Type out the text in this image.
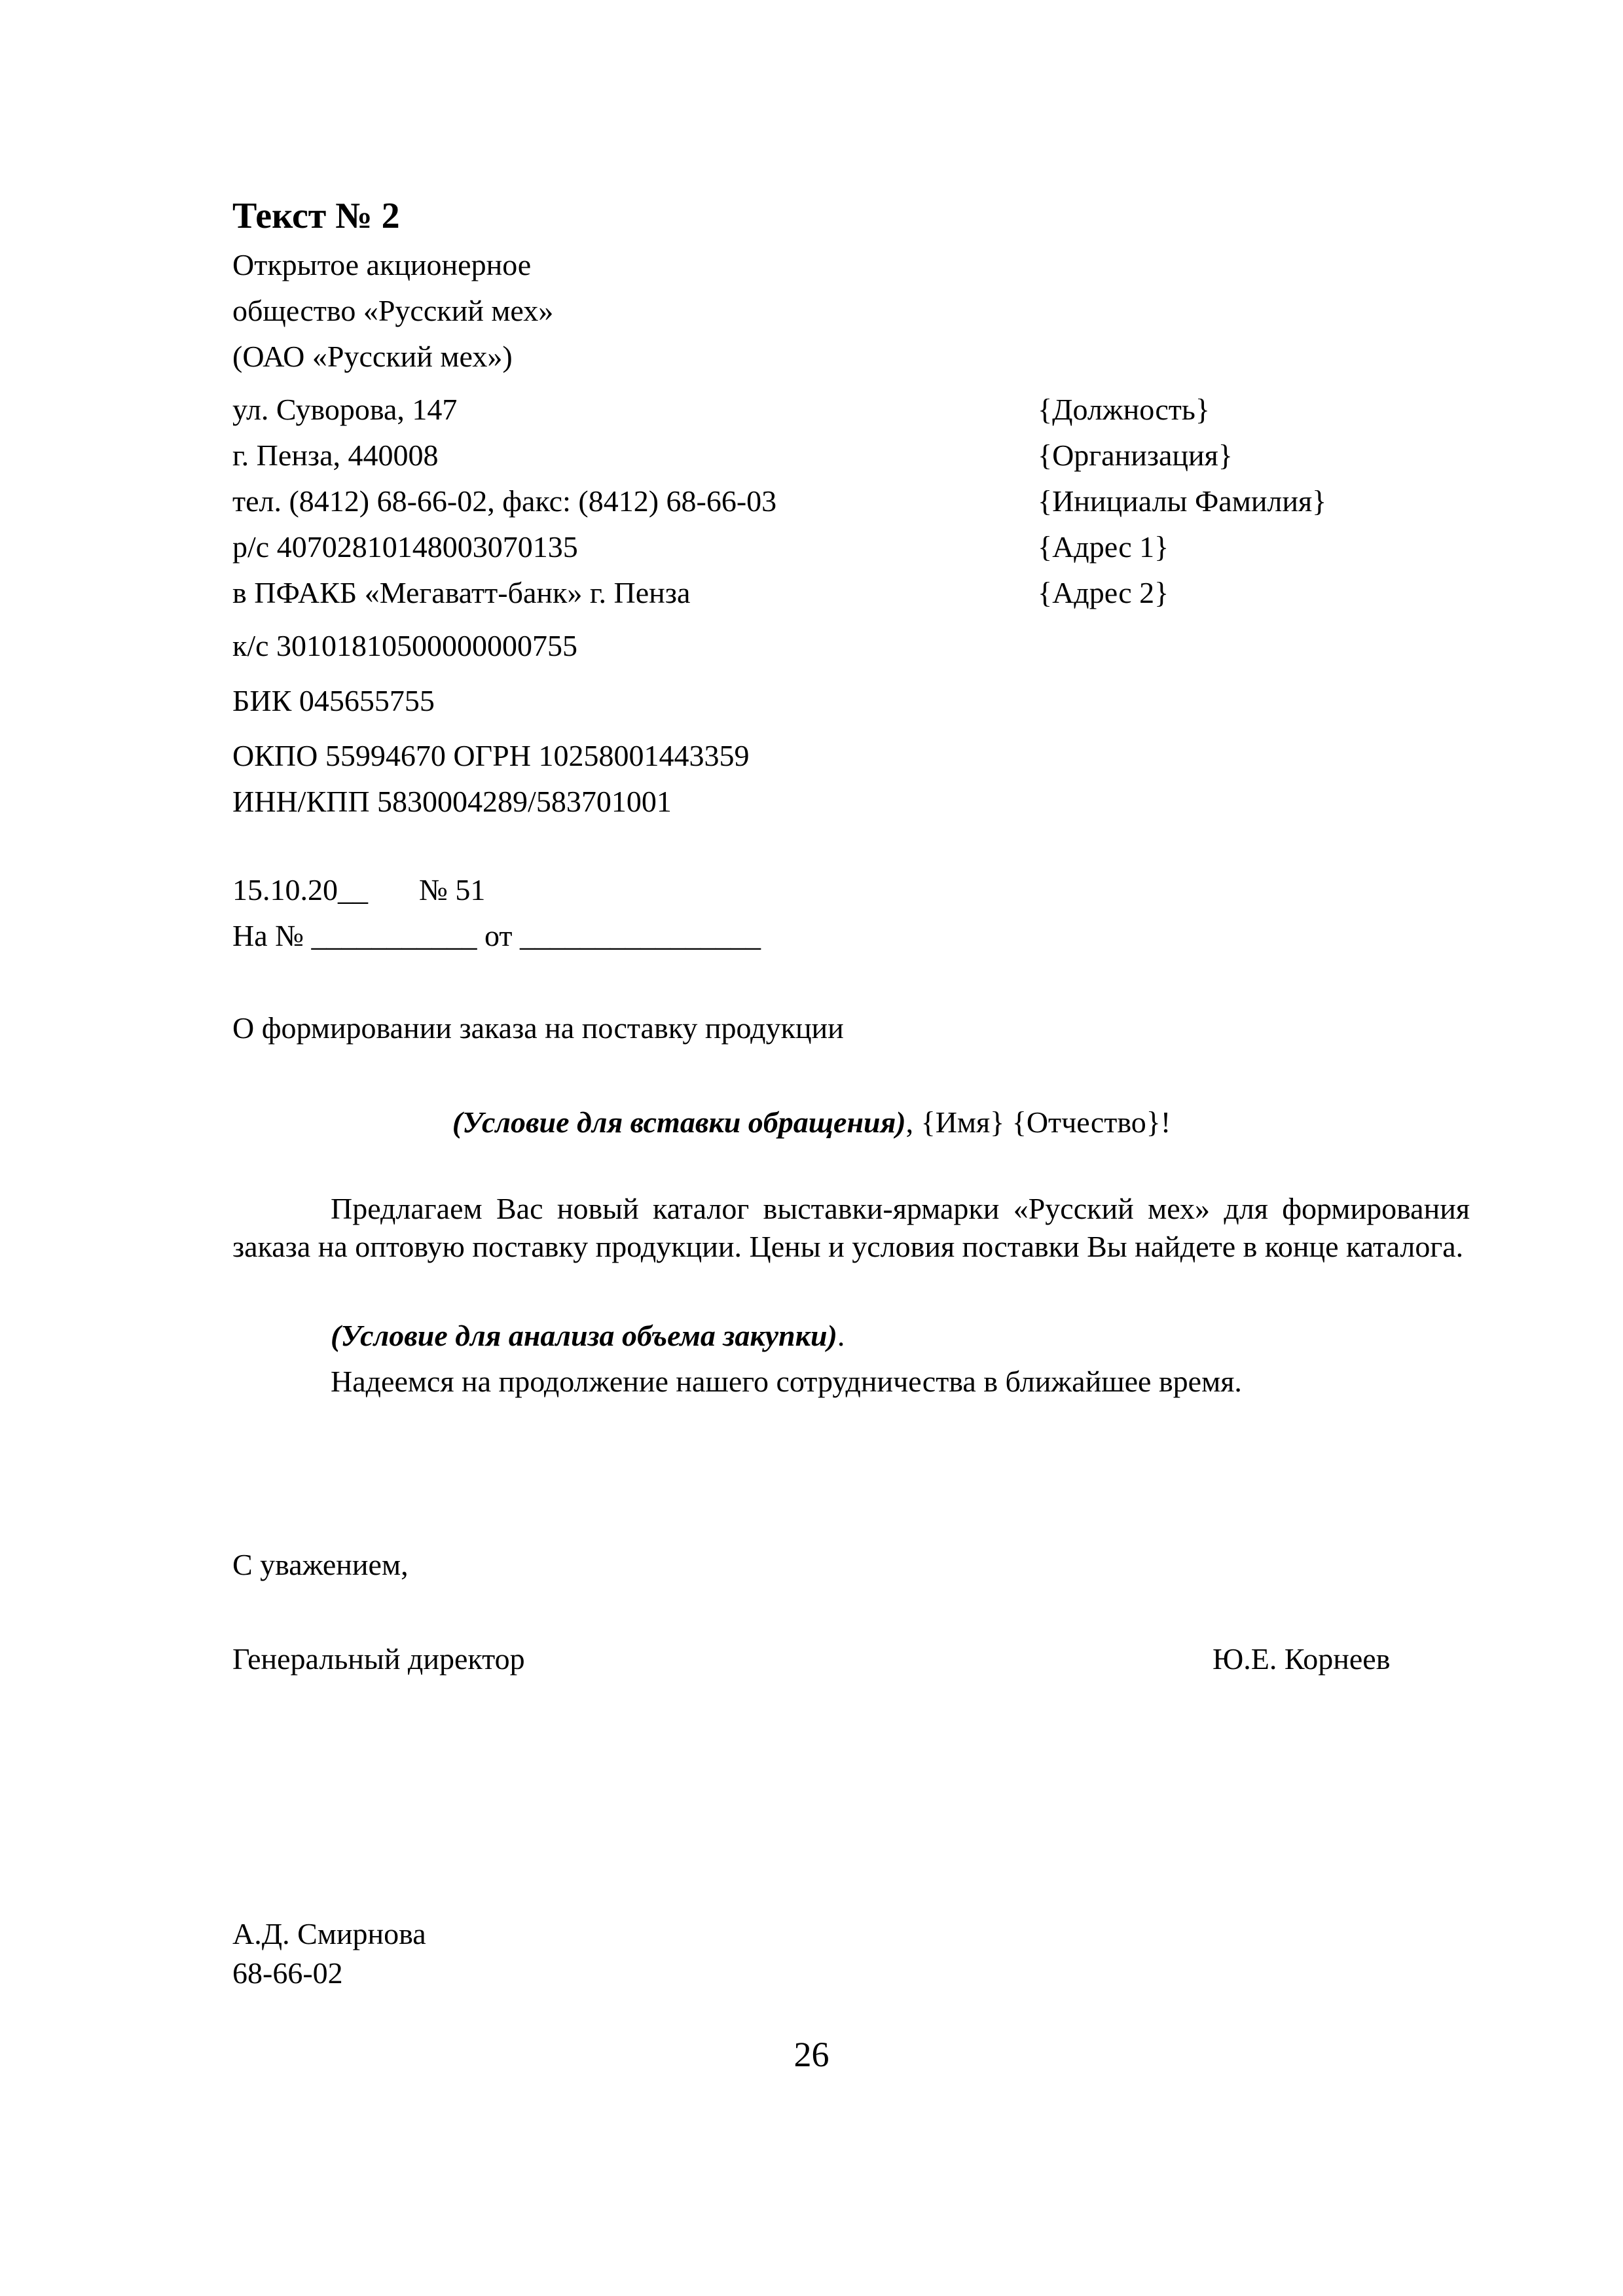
Текст № 2
Открытое акционерное
общество «Русский мех»
(ОАО «Русский мех»)
ул. Суворова, 147
г. Пенза, 440008
тел. (8412) 68-66-02, факс: (8412) 68-66-03
р/с 40702810148003070135
в ПФАКБ «Мегаватт-банк» г. Пенза
к/с 30101810500000000755
БИК 045655755
ОКПО 55994670 ОГРН 10258001443359
ИНН/КПП 5830004289/583701001
{Должность}
{Организация}
{Инициалы Фамилия}
{Адрес 1}
{Адрес 2}
15.10.20__ № 51
На № ___________ от ________________
О формировании заказа на поставку продукции
(Условие для вставки обращения), {Имя} {Отчество}!
Предлагаем Вас новый каталог выставки-ярмарки «Русский мех» для формирования заказа на оптовую поставку продукции. Цены и условия поставки Вы найдете в конце каталога.
(Условие для анализа объема закупки).
Надеемся на продолжение нашего сотрудничества в ближайшее время.
С уважением,
Генеральный директор	Ю.Е. Корнеев
А.Д. Смирнова
68-66-02
26
